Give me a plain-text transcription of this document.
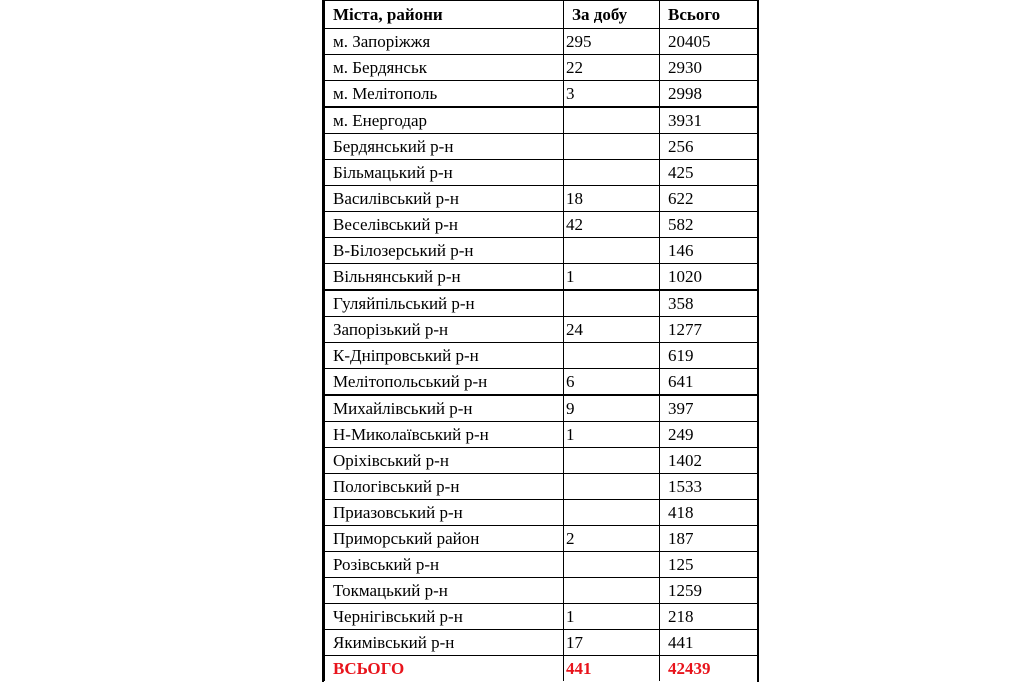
Міста, райони	За добу	Всього
м. Запоріжжя	295	20405
м. Бердянськ	22	2930
м. Мелітополь	3	2998
м. Енергодар		3931
Бердянський р-н		256
Більмацький р-н		425
Василівський р-н	18	622
Веселівський р-н	42	582
В-Білозерський р-н		146
Вільнянський р-н	1	1020
Гуляйпільський р-н		358
Запорізький р-н	24	1277
К-Дніпровський р-н		619
Мелітопольський р-н	6	641
Михайлівський р-н	9	397
Н-Миколаївський р-н	1	249
Оріхівський р-н		1402
Пологівський р-н		1533
Приазовський р-н		418
Приморський район	2	187
Розівський р-н		125
Токмацький р-н		1259
Чернігівський р-н	1	218
Якимівський р-н	17	441
ВСЬОГО	441	42439
